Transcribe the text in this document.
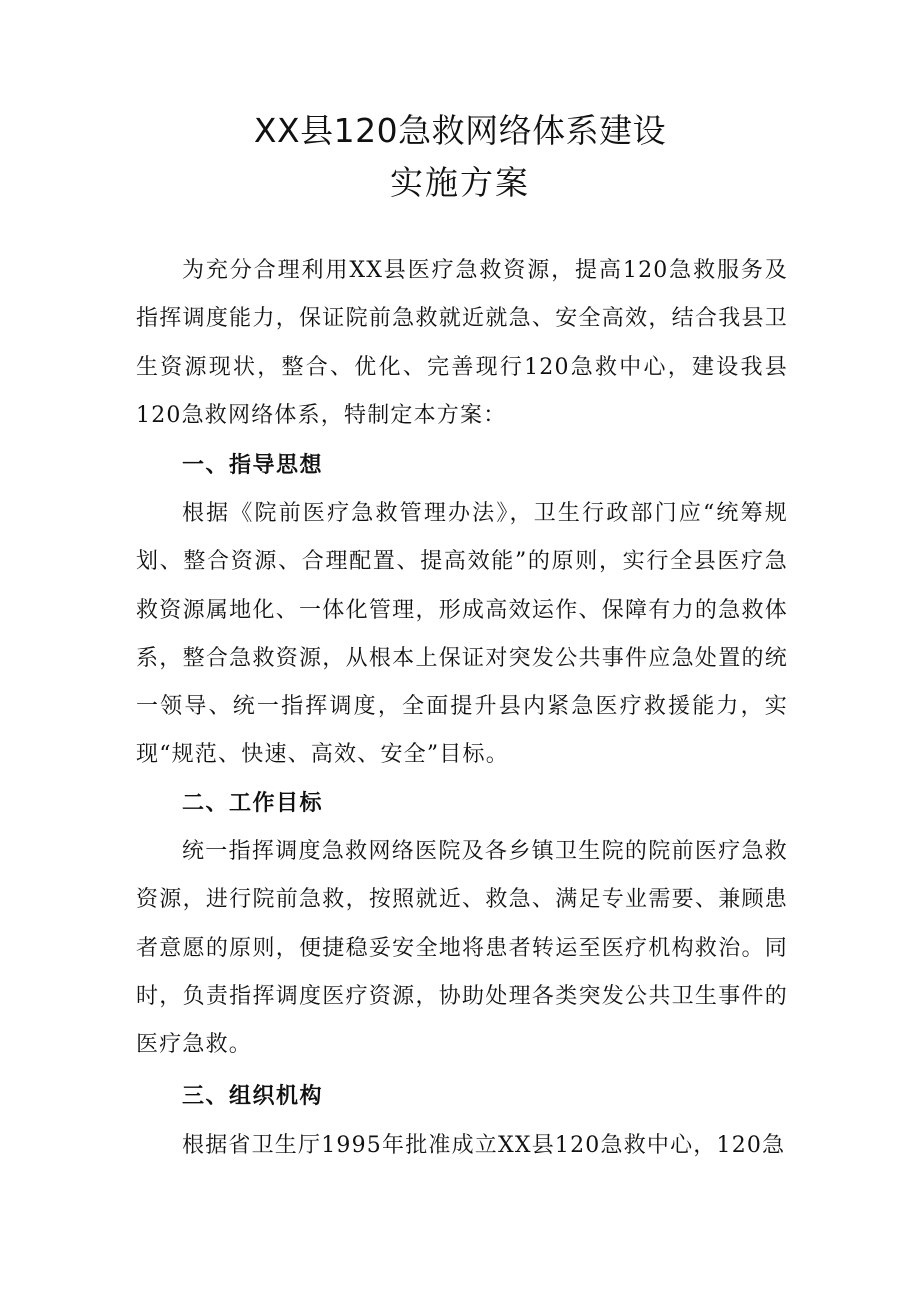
XX县120急救网络体系建设
实施方案

为充分合理利用XX县医疗急救资源，提高120急救服务及指挥调度能力，保证院前急救就近就急、安全高效，结合我县卫生资源现状，整合、优化、完善现行120急救中心，建设我县120急救网络体系，特制定本方案：

一、指导思想

根据《院前医疗急救管理办法》，卫生行政部门应“统筹规划、整合资源、合理配置、提高效能”的原则，实行全县医疗急救资源属地化、一体化管理，形成高效运作、保障有力的急救体系，整合急救资源，从根本上保证对突发公共事件应急处置的统一领导、统一指挥调度，全面提升县内紧急医疗救援能力，实现“规范、快速、高效、安全”目标。

二、工作目标

统一指挥调度急救网络医院及各乡镇卫生院的院前医疗急救资源，进行院前急救，按照就近、救急、满足专业需要、兼顾患者意愿的原则，便捷稳妥安全地将患者转运至医疗机构救治。同时，负责指挥调度医疗资源，协助处理各类突发公共卫生事件的医疗急救。

三、组织机构

根据省卫生厅1995年批准成立XX县120急救中心，120急
